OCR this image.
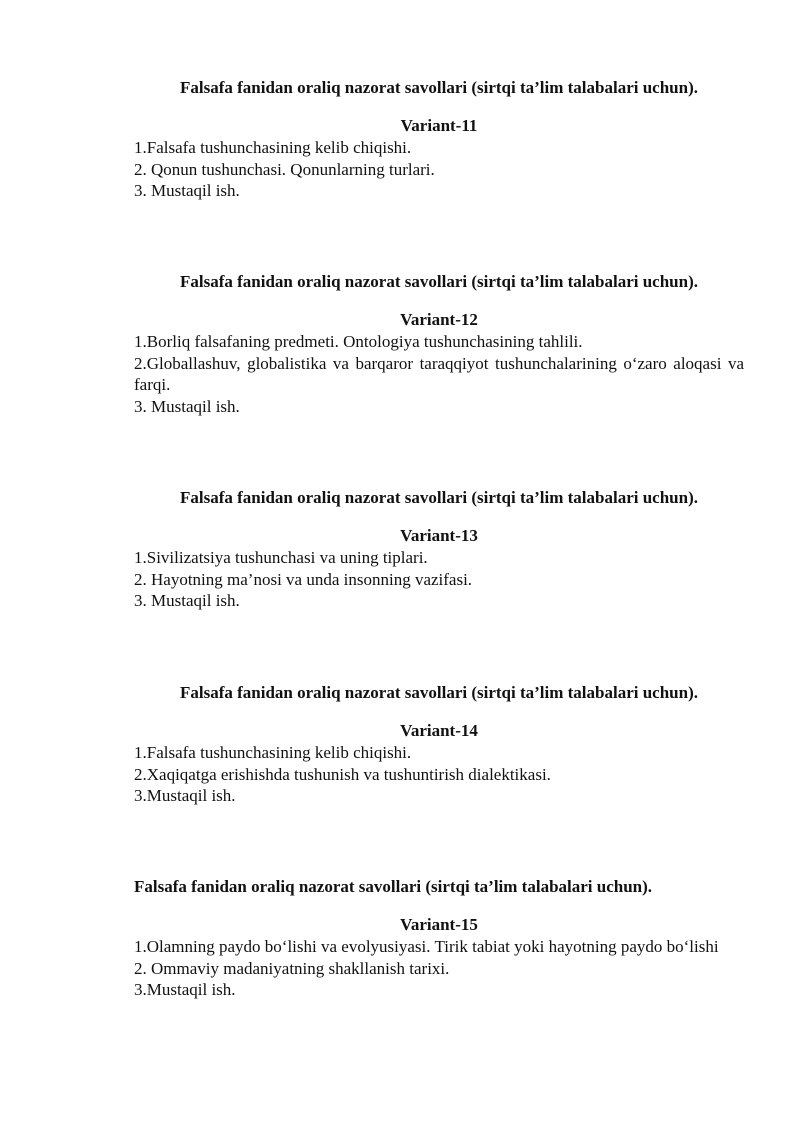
Falsafa fanidan oraliq nazorat savollari (sirtqi ta’lim talabalari uchun).

Variant-11

1.Falsafa tushunchasining kelib chiqishi.
2. Qonun tushunchasi. Qonunlarning turlari.
3. Mustaqil ish.

Falsafa fanidan oraliq nazorat savollari (sirtqi ta’lim talabalari uchun).

Variant-12

1.Borliq falsafaning predmeti. Ontologiya tushunchasining tahlili.
2.Globallashuv, globalistika va barqaror taraqqiyot tushunchalarining o‘zaro aloqasi va farqi.
3. Mustaqil ish.

Falsafa fanidan oraliq nazorat savollari (sirtqi ta’lim talabalari uchun).

Variant-13

1.Sivilizatsiya tushunchasi va uning tiplari.
2. Hayotning ma’nosi va unda insonning vazifasi.
3. Mustaqil ish.

Falsafa fanidan oraliq nazorat savollari (sirtqi ta’lim talabalari uchun).

Variant-14

1.Falsafa tushunchasining kelib chiqishi.
2.Xaqiqatga erishishda tushunish va tushuntirish dialektikasi.
3.Mustaqil ish.

Falsafa fanidan oraliq nazorat savollari (sirtqi ta’lim talabalari uchun).

Variant-15

1.Olamning paydo bo‘lishi va evolyusiyasi. Tirik tabiat yoki hayotning paydo bo‘lishi
2. Ommaviy madaniyatning shakllanish tarixi.
3.Mustaqil ish.
